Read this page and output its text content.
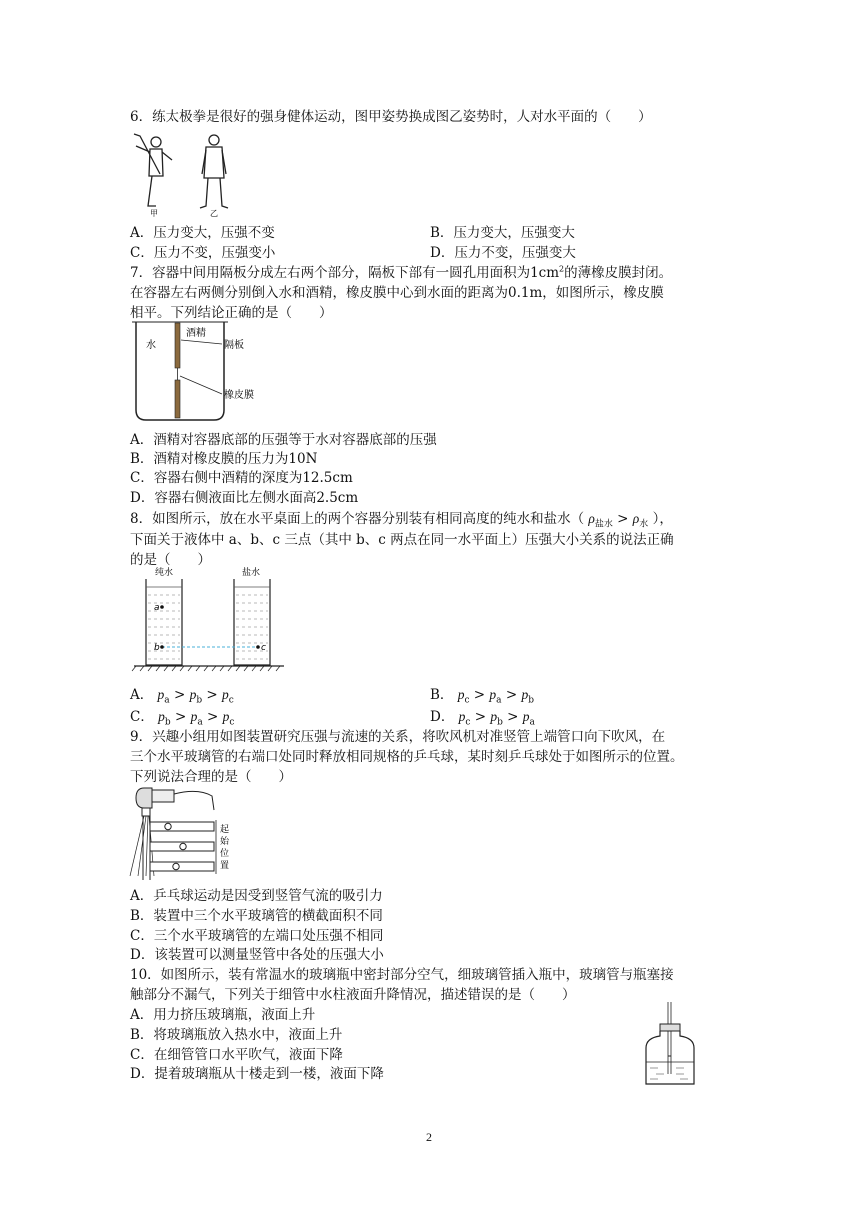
6．练太极拳是很好的强身健体运动，图甲姿势换成图乙姿势时，人对水平面的（　　）
甲	乙
A．压力变大，压强不变	B．压力变大，压强变大
C．压力不变，压强变小	D．压力不变，压强变大
7．容器中间用隔板分成左右两个部分，隔板下部有一圆孔用面积为$1cm^2$的薄橡皮膜封闭。
在容器左右两侧分别倒入水和酒精，橡皮膜中心到水面的距离为0.1m，如图所示，橡皮膜
相平。下列结论正确的是（　　）
水
酒精
隔板
橡皮膜
A．酒精对容器底部的压强等于水对容器底部的压强
B．酒精对橡皮膜的压力为10N
C．容器右侧中酒精的深度为12.5cm
D．容器右侧液面比左侧水面高2.5cm
8．如图所示，放在水平桌面上的两个容器分别装有相同高度的纯水和盐水（ $\rho_{盐水} > \rho_水$ ），
下面关于液体中 a、b、c 三点（其中 b、c 两点在同一水平面上）压强大小关系的说法正确
的是（　　）
纯水	盐水
a
b	c
A． $p_a > p_b > p_c$	B． $p_c > p_a > p_b$
C． $p_b > p_a > p_c$	D． $p_c > p_b > p_a$
9．兴趣小组用如图装置研究压强与流速的关系，将吹风机对准竖管上端管口向下吹风，在
三个水平玻璃管的右端口处同时释放相同规格的乒乓球，某时刻乒乓球处于如图所示的位置。
下列说法合理的是（　　）
起
始
位
置
A．乒乓球运动是因受到竖管气流的吸引力
B．装置中三个水平玻璃管的横截面积不同
C．三个水平玻璃管的左端口处压强不相同
D．该装置可以测量竖管中各处的压强大小
10．如图所示，装有常温水的玻璃瓶中密封部分空气，细玻璃管插入瓶中，玻璃管与瓶塞接
触部分不漏气，下列关于细管中水柱液面升降情况，描述错误的是（　　）
A．用力挤压玻璃瓶，液面上升
B．将玻璃瓶放入热水中，液面上升
C．在细管管口水平吹气，液面下降
D．提着玻璃瓶从十楼走到一楼，液面下降
2
